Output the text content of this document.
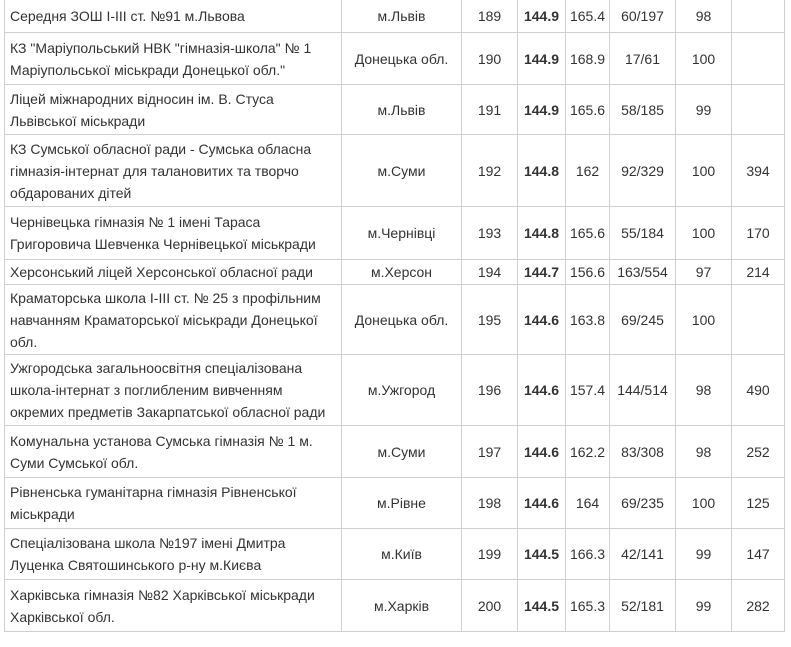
Середня ЗОШ І-ІІІ ст. №91 м.Львова	м.Львів	189	144.9	165.4	60/197	98	
КЗ "Маріупольський НВК "гімназія-школа" № 1 Маріупольської міськради Донецької обл."	Донецька обл.	190	144.9	168.9	17/61	100	
Ліцей міжнародних відносин ім. В. Стуса Львівської міськради	м.Львів	191	144.9	165.6	58/185	99	
КЗ Сумської обласної ради - Сумська обласна гімназія-інтернат для талановитих та творчо обдарованих дітей	м.Суми	192	144.8	162	92/329	100	394
Чернівецька гімназія № 1 імені Тараса Григоровича Шевченка Чернівецької міськради	м.Чернівці	193	144.8	165.6	55/184	100	170
Херсонський ліцей Херсонської обласної ради	м.Херсон	194	144.7	156.6	163/554	97	214
Краматорська школа І-ІІІ ст. № 25 з профільним навчанням Краматорської міськради Донецької обл.	Донецька обл.	195	144.6	163.8	69/245	100	
Ужгородська загальноосвітня спеціалізована школа-інтернат з поглибленим вивченням окремих предметів Закарпатської обласної ради	м.Ужгород	196	144.6	157.4	144/514	98	490
Комунальна установа Сумська гімназія № 1 м. Суми Сумської обл.	м.Суми	197	144.6	162.2	83/308	98	252
Рівненська гуманітарна гімназія Рівненської міськради	м.Рівне	198	144.6	164	69/235	100	125
Спеціалізована школа №197 імені Дмитра Луценка Святошинського р-ну м.Києва	м.Київ	199	144.5	166.3	42/141	99	147
Харківська гімназія №82 Харківської міськради Харківської обл.	м.Харків	200	144.5	165.3	52/181	99	282
